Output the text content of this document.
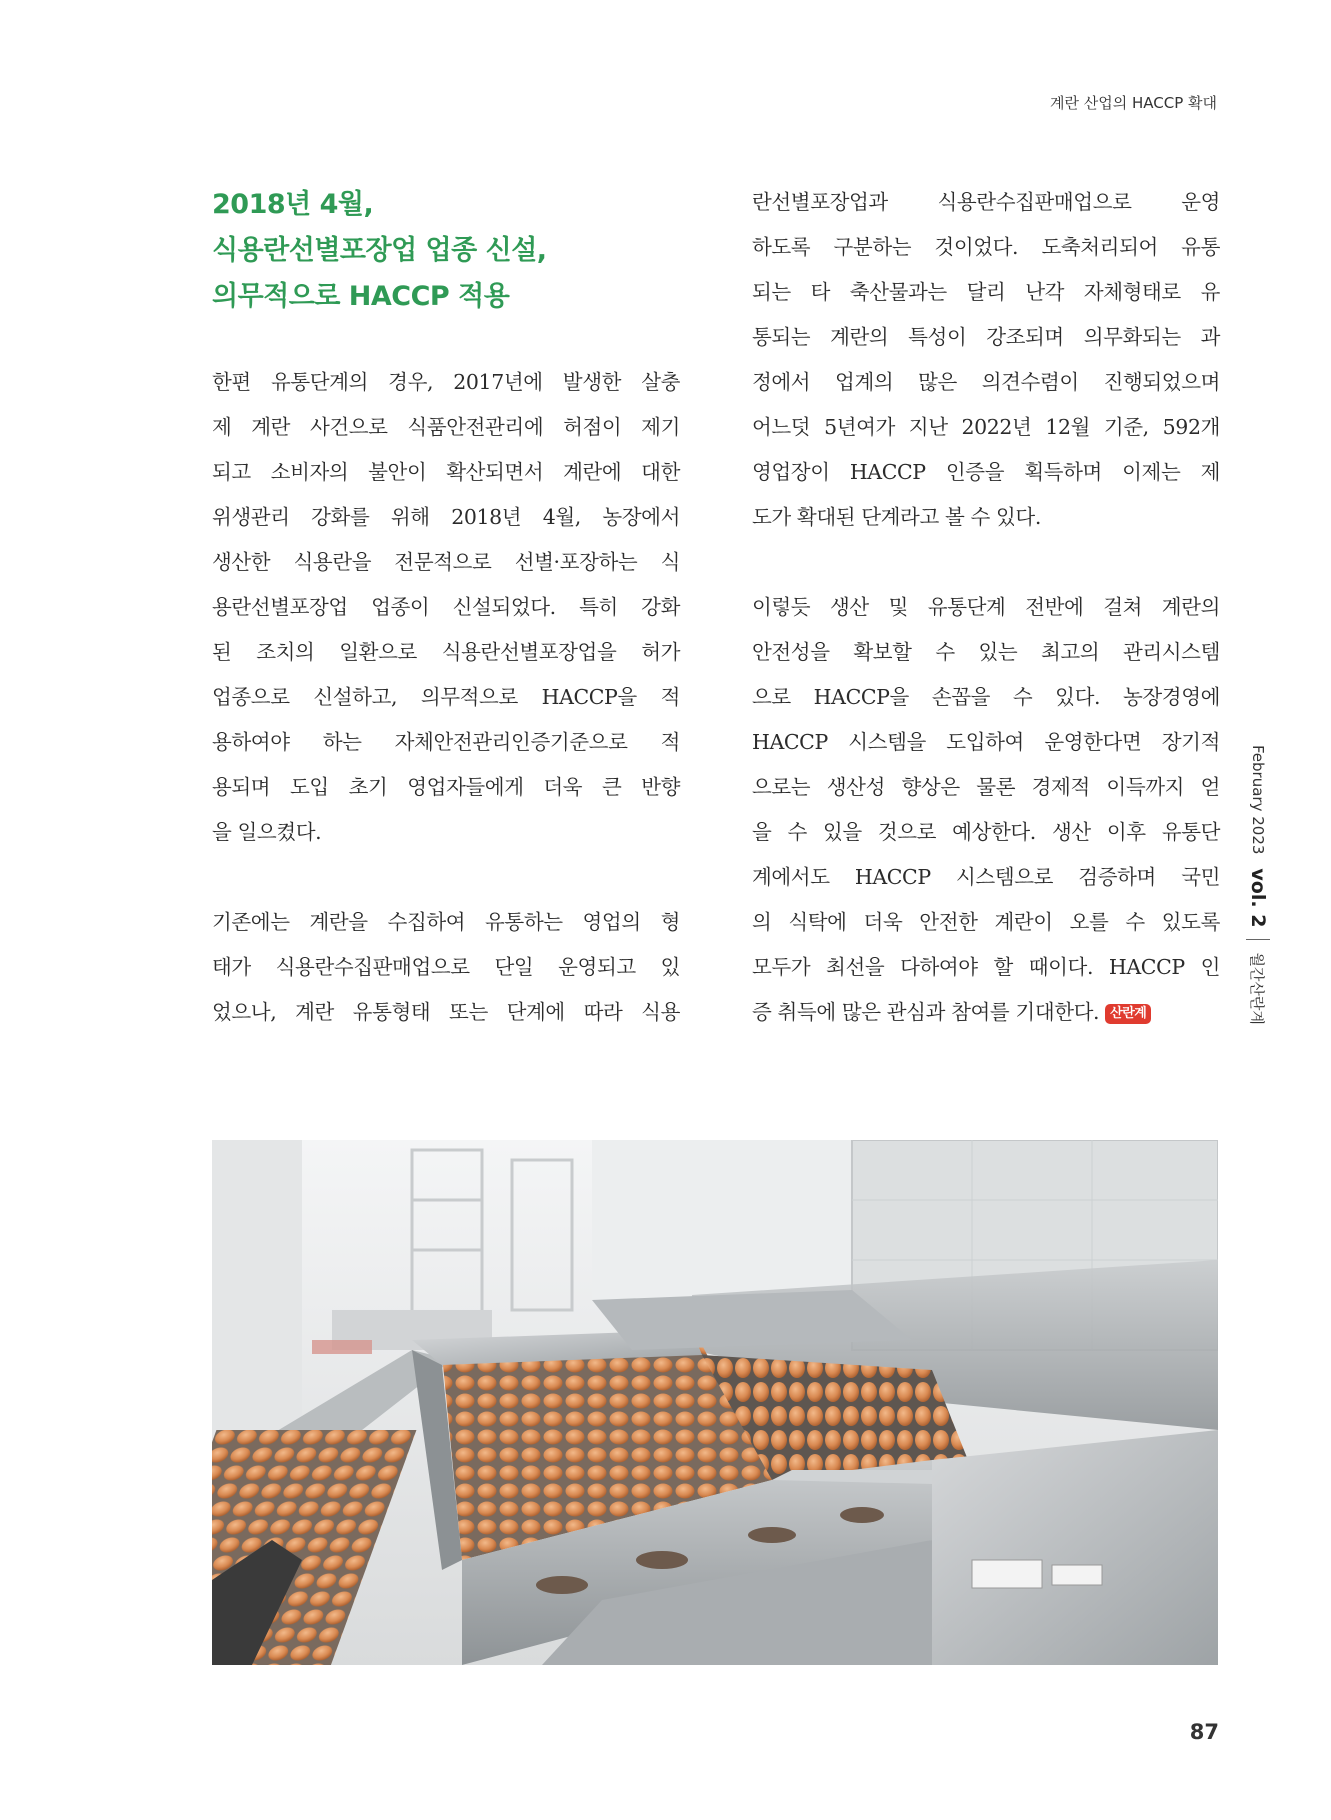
계란 산업의 HACCP 확대
2018년 4월,
식용란선별포장업 업종 신설,
의무적으로 HACCP 적용

한편 유통단계의 경우, 2017년에 발생한 살충
제 계란 사건으로 식품안전관리에 허점이 제기
되고 소비자의 불안이 확산되면서 계란에 대한
위생관리 강화를 위해 2018년 4월, 농장에서
생산한 식용란을 전문적으로 선별·포장하는 식
용란선별포장업 업종이 신설되었다. 특히 강화
된 조치의 일환으로 식용란선별포장업을 허가
업종으로 신설하고, 의무적으로 HACCP을 적
용하여야 하는 자체안전관리인증기준으로 적
용되며 도입 초기 영업자들에게 더욱 큰 반향
을 일으켰다.

기존에는 계란을 수집하여 유통하는 영업의 형
태가 식용란수집판매업으로 단일 운영되고 있
었으나, 계란 유통형태 또는 단계에 따라 식용

란선별포장업과 식용란수집판매업으로 운영
하도록 구분하는 것이었다. 도축처리되어 유통
되는 타 축산물과는 달리 난각 자체형태로 유
통되는 계란의 특성이 강조되며 의무화되는 과
정에서 업계의 많은 의견수렴이 진행되었으며
어느덧 5년여가 지난 2022년 12월 기준, 592개
영업장이 HACCP 인증을 획득하며 이제는 제
도가 확대된 단계라고 볼 수 있다.

이렇듯 생산 및 유통단계 전반에 걸쳐 계란의
안전성을 확보할 수 있는 최고의 관리시스템
으로 HACCP을 손꼽을 수 있다. 농장경영에
HACCP 시스템을 도입하여 운영한다면 장기적
으로는 생산성 향상은 물론 경제적 이득까지 얻
을 수 있을 것으로 예상한다. 생산 이후 유통단
계에서도 HACCP 시스템으로 검증하며 국민
의 식탁에 더욱 안전한 계란이 오를 수 있도록
모두가 최선을 다하여야 할 때이다. HACCP 인
증 취득에 많은 관심과 참여를 기대한다. 산란계

February 2023
vol. 2
월간산란계
87
